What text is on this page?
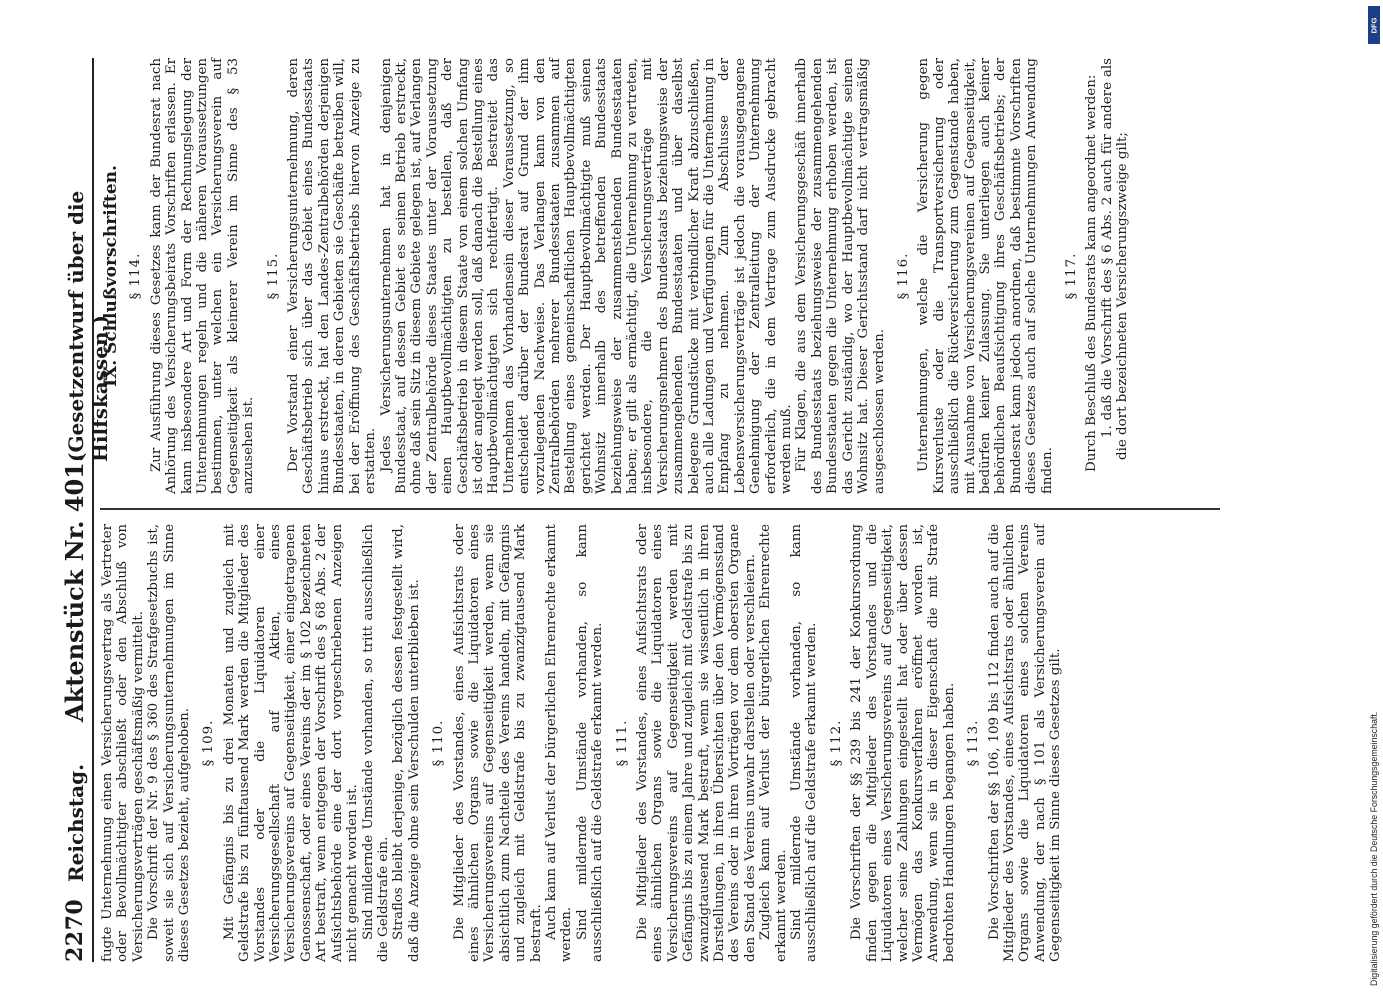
2270
Reichstag.
Aktenstück Nr. 401.
(Gesetzentwurf über die Hilfskassen.)

fugte Unternehmung einen Versicherungsvertrag als Vertreter oder Bevollmächtigter abschließt oder den Abschluß von Versicherungsverträgen geschäftsmäßig vermittelt. Die Vorschrift der Nr. 9 des § 360 des Strafgesetzbuchs ist, soweit sie sich auf Versicherungsunternehmungen im Sinne dieses Gesetzes bezieht, aufgehoben. § 109. Mit Gefängnis bis zu drei Monaten und zugleich mit Geldstrafe bis zu fünftausend Mark werden die Mitglieder des Vorstandes oder die Liquidatoren einer Versicherungsgesellschaft auf Aktien, eines Versicherungsvereins auf Gegenseitigkeit, einer eingetragenen Genossenschaft, oder eines Vereins der im § 102 bezeichneten Art bestraft, wenn entgegen der Vorschrift des § 68 Abs. 2 der Aufsichtsbehörde eine der dort vorgeschriebenen Anzeigen nicht gemacht worden ist. Sind mildernde Umstände vorhanden, so tritt ausschließlich die Geldstrafe ein. Straflos bleibt derjenige, bezüglich dessen festgestellt wird, daß die Anzeige ohne sein Verschulden unterblieben ist. § 110. Die Mitglieder des Vorstandes, eines Aufsichtsrats oder eines ähnlichen Organs sowie die Liquidatoren eines Versicherungsvereins auf Gegenseitigkeit werden, wenn sie absichtlich zum Nachteile des Vereins handeln, mit Gefängnis und zugleich mit Geldstrafe bis zu zwanzigtausend Mark bestraft. Auch kann auf Verlust der bürgerlichen Ehrenrechte erkannt werden. Sind mildernde Umstände vorhanden, so kann ausschließlich auf die Geldstrafe erkannt werden. § 111. Die Mitglieder des Vorstandes, eines Aufsichtsrats oder eines ähnlichen Organs sowie die Liquidatoren eines Versicherungsvereins auf Gegenseitigkeit werden mit Gefängnis bis zu einem Jahre und zugleich mit Geldstrafe bis zu zwanzigtausend Mark bestraft, wenn sie wissentlich in ihren Darstellungen, in ihren Übersichten über den Vermögensstand des Vereins oder in ihren Vorträgen vor dem obersten Organe den Stand des Vereins unwahr darstellen oder verschleiern. Zugleich kann auf Verlust der bürgerlichen Ehrenrechte erkannt werden. Sind mildernde Umstände vorhanden, so kann ausschließlich auf die Geldstrafe erkannt werden. § 112. Die Vorschriften der §§ 239 bis 241 der Konkursordnung finden gegen die Mitglieder des Vorstandes und die Liquidatoren eines Versicherungsvereins auf Gegenseitigkeit, welcher seine Zahlungen eingestellt hat oder über dessen Vermögen das Konkursverfahren eröffnet worden ist, Anwendung, wenn sie in dieser Eigenschaft die mit Strafe bedrohten Handlungen begangen haben. § 113. Die Vorschriften der §§ 106, 109 bis 112 finden auch auf die Mitglieder des Vorstandes, eines Aufsichtsrats oder ähnlichen Organs sowie die Liquidatoren eines solchen Vereins Anwendung, der nach § 101 als Versicherungsverein auf Gegenseitigkeit im Sinne dieses Gesetzes gilt.

IX. Schlußvorschriften. § 114. Zur Ausführung dieses Gesetzes kann der Bundesrat nach Anhörung des Versicherungsbeirats Vorschriften erlassen. Er kann insbesondere Art und Form der Rechnungslegung der Unternehmungen regeln und die näheren Voraussetzungen bestimmen, unter welchen ein Versicherungsverein auf Gegenseitigkeit als kleinerer Verein im Sinne des § 53 anzusehen ist.

§ 115. Der Vorstand einer Versicherungsunternehmung, deren Geschäftsbetrieb sich über das Gebiet eines Bundesstaats hinaus erstreckt, hat den Landes-Zentralbehörden derjenigen Bundesstaaten, in deren Gebieten sie Geschäfte betreiben will, bei der Eröffnung des Geschäftsbetriebs hiervon Anzeige zu erstatten. Jedes Versicherungsunternehmen hat in denjenigen Bundesstaat, auf dessen Gebiet es seinen Betrieb erstreckt, ohne daß sein Sitz in diesem Gebiete gelegen ist, auf Verlangen der Zentralbehörde dieses Staates unter der Voraussetzung einen Hauptbevollmächtigten zu bestellen, daß der Geschäftsbetrieb in diesem Staate von einem solchen Umfang ist oder angelegt werden soll, daß danach die Bestellung eines Hauptbevollmächtigten sich rechtfertigt. Bestreitet das Unternehmen das Vorhandensein dieser Voraussetzung, so entscheidet darüber der Bundesrat auf Grund der ihm vorzulegenden Nachweise. Das Verlangen kann von den Zentralbehörden mehrerer Bundesstaaten zusammen auf Bestellung eines gemeinschaftlichen Hauptbevollmächtigten gerichtet werden. Der Hauptbevollmächtigte muß seinen Wohnsitz innerhalb des betreffenden Bundesstaats beziehungsweise der zusammenstehenden Bundesstaaten haben; er gilt als ermächtigt, die Unternehmung zu vertreten, insbesondere, die Versicherungsverträge mit Versicherungsnehmern des Bundesstaats beziehungsweise der zusammengehenden Bundesstaaten und über daselbst belegene Grundstücke mit verbindlicher Kraft abzuschließen, auch alle Ladungen und Verfügungen für die Unternehmung in Empfang zu nehmen. Zum Abschlusse der Lebensversicherungsverträge ist jedoch die vorausgegangene Genehmigung der Zentralleitung der Unternehmung erforderlich, die in dem Vertrage zum Ausdrucke gebracht werden muß. Für Klagen, die aus dem Versicherungsgeschäft innerhalb des Bundesstaats beziehungsweise der zusammengehenden Bundesstaaten gegen die Unternehmung erhoben werden, ist das Gericht zuständig, wo der Hauptbevollmächtigte seinen Wohnsitz hat. Dieser Gerichtsstand darf nicht vertragsmäßig ausgeschlossen werden.

§ 116. Unternehmungen, welche die Versicherung gegen Kursverluste oder die Transportversicherung oder ausschließlich die Rückversicherung zum Gegenstande haben, mit Ausnahme von Versicherungsvereinen auf Gegenseitigkeit, bedürfen keiner Zulassung. Sie unterliegen auch keiner behördlichen Beaufsichtigung ihres Geschäftsbetriebs; der Bundesrat kann jedoch anordnen, daß bestimmte Vorschriften dieses Gesetzes auch auf solche Unternehmungen Anwendung finden.

§ 117. Durch Beschluß des Bundesrats kann angeordnet werden: 1. daß die Vorschrift des § 6 Abs. 2 auch für andere als die dort bezeichneten Versicherungszweige gilt;

DFG
Digitalisierung gefördert durch die Deutsche Forschungsgemeinschaft.
